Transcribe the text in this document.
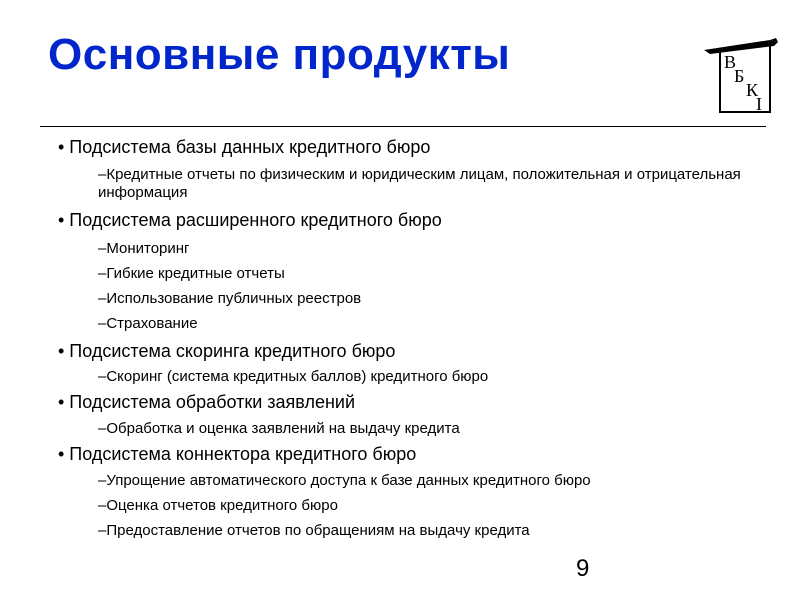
Основные продукты	В
Б
К
І
• Подсистема базы данных кредитного бюро
–Кредитные отчеты по физическим и юридическим лицам, положительная и отрицательная информация
• Подсистема расширенного кредитного бюро
–Мониторинг
–Гибкие кредитные отчеты
–Использование публичных реестров
–Страхование
• Подсистема скоринга кредитного бюро
–Скоринг (система кредитных баллов) кредитного бюро
• Подсистема обработки заявлений
–Обработка и оценка заявлений на выдачу кредита
• Подсистема коннектора кредитного бюро
–Упрощение автоматического доступа к базе данных кредитного бюро
–Оценка отчетов кредитного бюро
–Предоставление отчетов по обращениям на выдачу кредита
9
